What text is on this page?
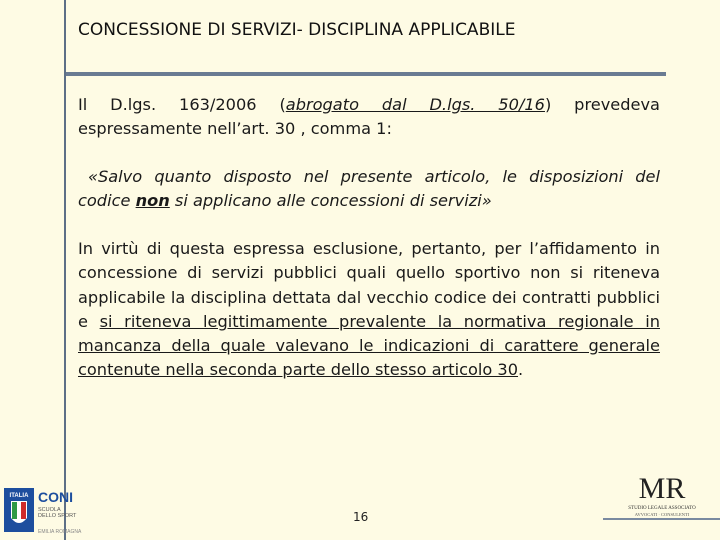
CONCESSIONE DI SERVIZI- DISCIPLINA APPLICABILE

Il D.lgs. 163/2006 (abrogato dal D.lgs. 50/16) prevedeva espressamente nell’art. 30 , comma 1:

«Salvo quanto disposto nel presente articolo, le disposizioni del codice non si applicano alle concessioni di servizi»

In virtù di questa espressa esclusione, pertanto, per l’affidamento in concessione di servizi pubblici quali quello sportivo non si riteneva applicabile la disciplina dettata dal vecchio codice dei contratti pubblici e si riteneva legittimamente prevalente la normativa regionale in mancanza della quale valevano le indicazioni di carattere generale contenute nella seconda parte dello stesso articolo 30.

16
ITALIA CONI
SCUOLA
DELLO SPORT
EMILIA ROMAGNA
MR
STUDIO LEGALE ASSOCIATO
AVVOCATI · CONSULENTI
